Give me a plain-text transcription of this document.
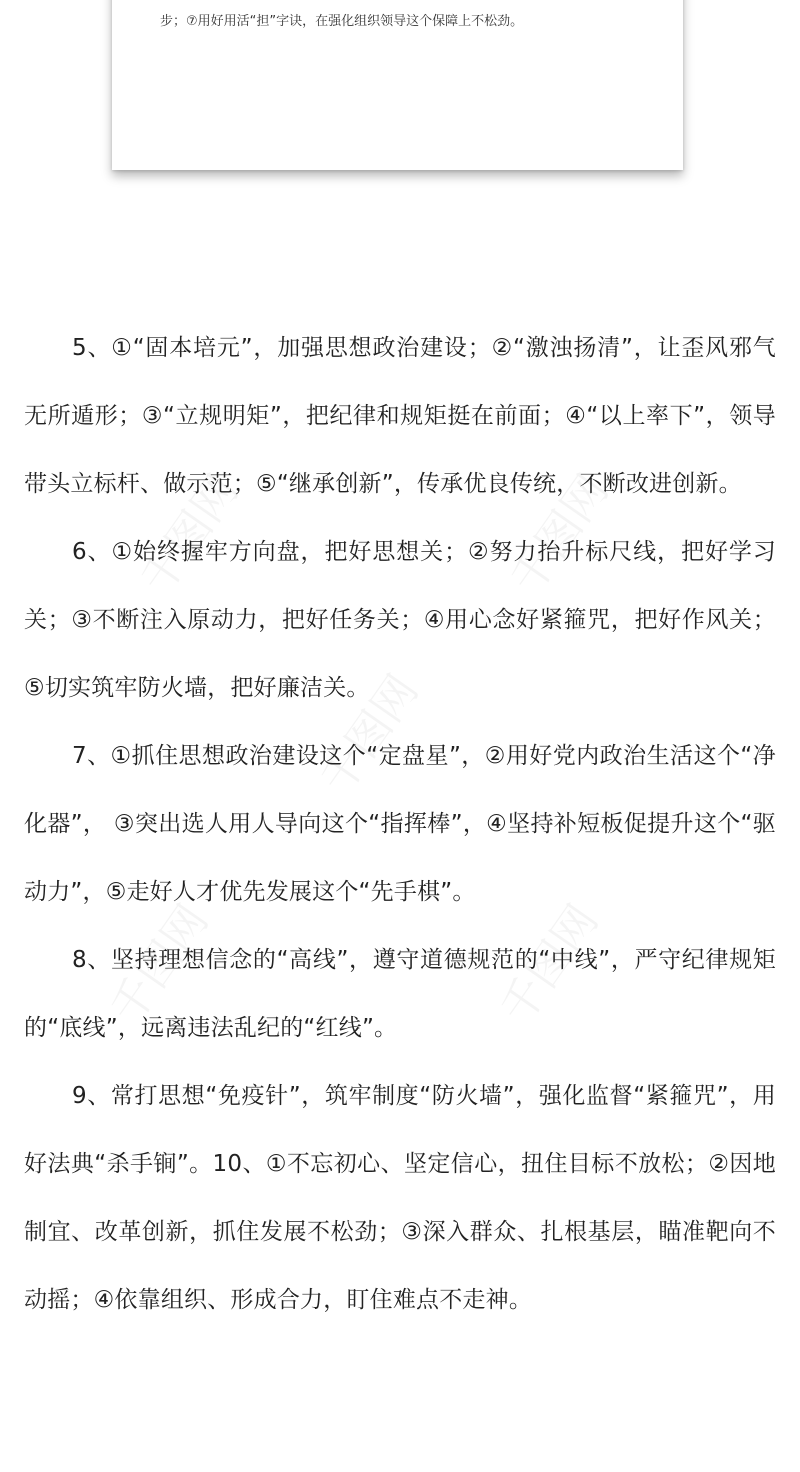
步；⑦用好用活“担”字诀，在强化组织领导这个保障上不松劲。

5、①“固本培元”，加强思想政治建设；②“激浊扬清”，让歪风邪气无所遁形；③“立规明矩”，把纪律和规矩挺在前面；④“以上率下”，领导带头立标杆、做示范；⑤“继承创新”，传承优良传统，不断改进创新。

6、①始终握牢方向盘，把好思想关；②努力抬升标尺线，把好学习关；③不断注入原动力，把好任务关；④用心念好紧箍咒，把好作风关；⑤切实筑牢防火墙，把好廉洁关。

7、①抓住思想政治建设这个“定盘星”，②用好党内政治生活这个“净化器”， ③突出选人用人导向这个“指挥棒”，④坚持补短板促提升这个“驱动力”，⑤走好人才优先发展这个“先手棋”。

8、坚持理想信念的“高线”，遵守道德规范的“中线”，严守纪律规矩的“底线”，远离违法乱纪的“红线”。

9、常打思想“免疫针”，筑牢制度“防火墙”，强化监督“紧箍咒”，用好法典“杀手锏”。10、①不忘初心、坚定信心，扭住目标不放松；②因地制宜、改革创新，抓住发展不松劲；③深入群众、扎根基层，瞄准靶向不动摇；④依靠组织、形成合力，盯住难点不走神。
